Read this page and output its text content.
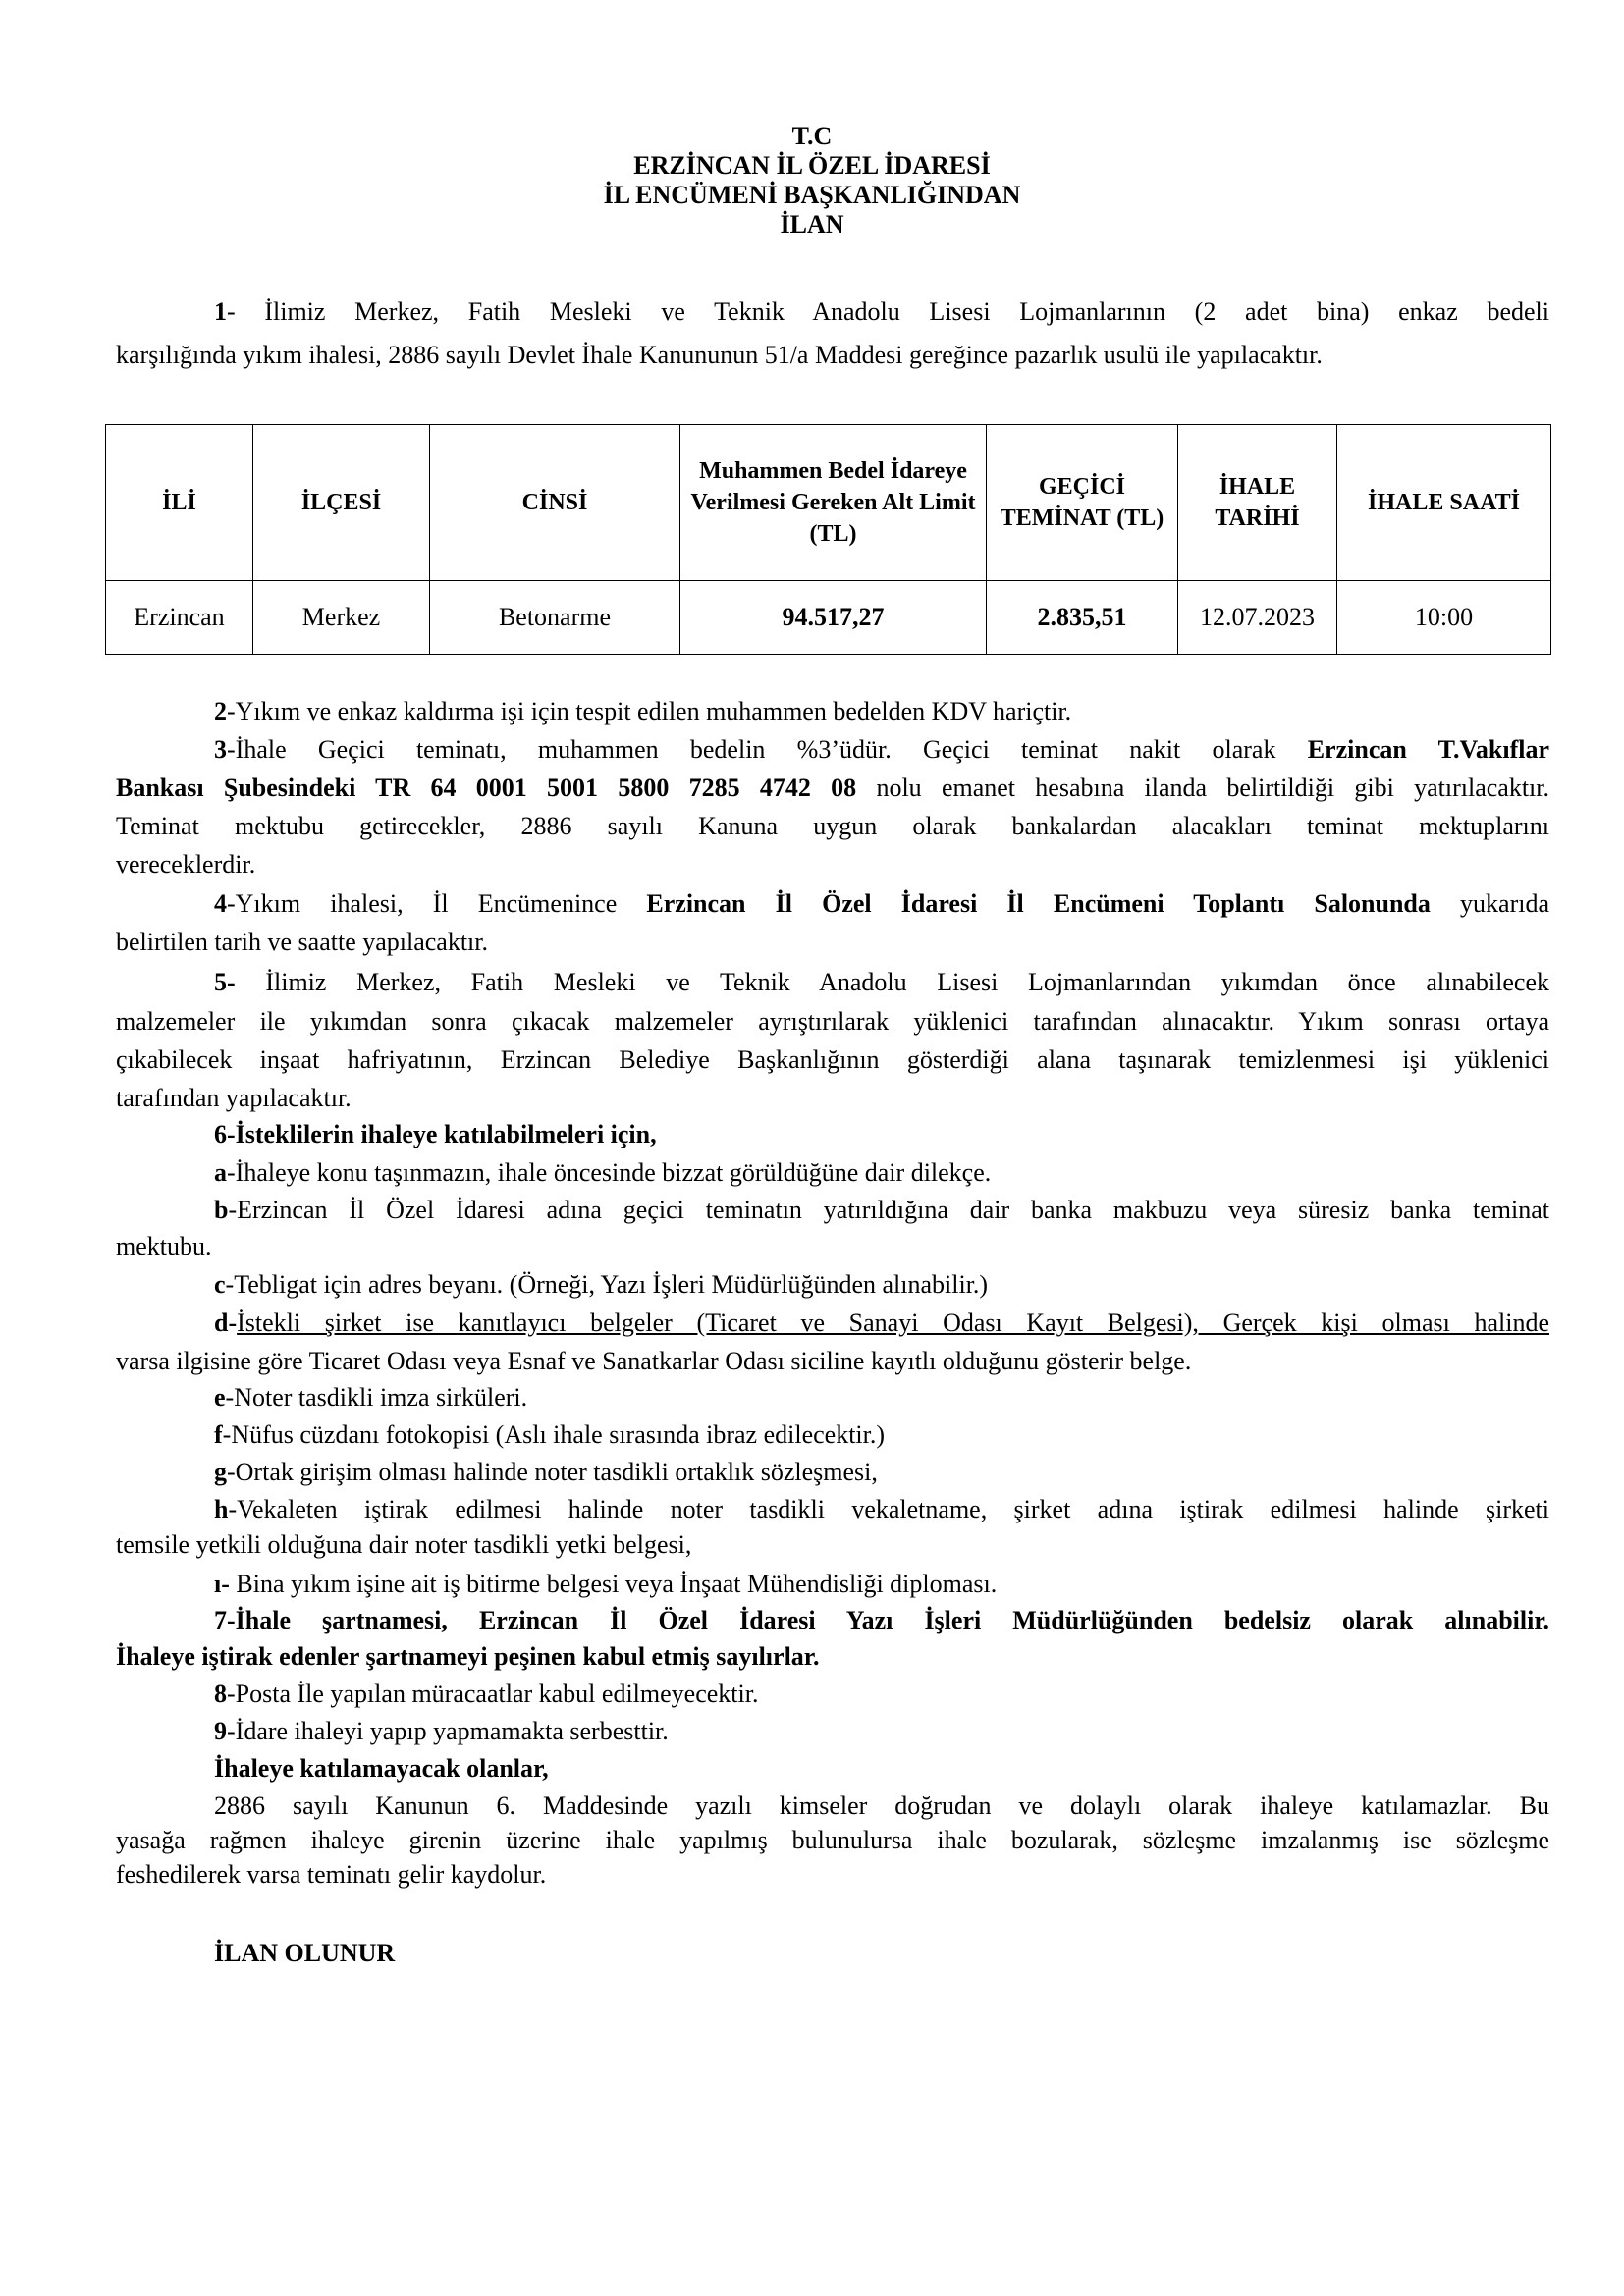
T.C
ERZİNCAN İL ÖZEL İDARESİ
İL ENCÜMENİ BAŞKANLIĞINDAN
İLAN
1- İlimiz Merkez, Fatih Mesleki ve Teknik Anadolu Lisesi Lojmanlarının (2 adet bina) enkaz bedeli
karşılığında yıkım ihalesi, 2886 sayılı Devlet İhale Kanununun 51/a Maddesi gereğince pazarlık usulü ile yapılacaktır.
İLİ	İLÇESİ	CİNSİ	Muhammen Bedel İdareye Verilmesi Gereken Alt Limit (TL)	GEÇİCİ TEMİNAT (TL)	İHALE TARİHİ	İHALE SAATİ
Erzincan	Merkez	Betonarme	94.517,27	2.835,51	12.07.2023	10:00
2-Yıkım ve enkaz kaldırma işi için tespit edilen muhammen bedelden KDV hariçtir.
3-İhale Geçici teminatı, muhammen bedelin %3’üdür. Geçici teminat nakit olarak Erzincan T.Vakıflar
Bankası Şubesindeki TR 64 0001 5001 5800 7285 4742 08 nolu emanet hesabına ilanda belirtildiği gibi yatırılacaktır.
Teminat mektubu getirecekler, 2886 sayılı Kanuna uygun olarak bankalardan alacakları teminat mektuplarını
vereceklerdir.
4-Yıkım ihalesi, İl Encümenince Erzincan İl Özel İdaresi İl Encümeni Toplantı Salonunda yukarıda
belirtilen tarih ve saatte yapılacaktır.
5- İlimiz Merkez, Fatih Mesleki ve Teknik Anadolu Lisesi Lojmanlarından yıkımdan önce alınabilecek
malzemeler ile yıkımdan sonra çıkacak malzemeler ayrıştırılarak yüklenici tarafından alınacaktır. Yıkım sonrası ortaya
çıkabilecek inşaat hafriyatının, Erzincan Belediye Başkanlığının gösterdiği alana taşınarak temizlenmesi işi yüklenici
tarafından yapılacaktır.
6-İsteklilerin ihaleye katılabilmeleri için,
a-İhaleye konu taşınmazın, ihale öncesinde bizzat görüldüğüne dair dilekçe.
b-Erzincan İl Özel İdaresi adına geçici teminatın yatırıldığına dair banka makbuzu veya süresiz banka teminat
mektubu.
c-Tebligat için adres beyanı. (Örneği, Yazı İşleri Müdürlüğünden alınabilir.)
d-İstekli şirket ise kanıtlayıcı belgeler (Ticaret ve Sanayi Odası Kayıt Belgesi), Gerçek kişi olması halinde
varsa ilgisine göre Ticaret Odası veya Esnaf ve Sanatkarlar Odası siciline kayıtlı olduğunu gösterir belge.
e-Noter tasdikli imza sirküleri.
f-Nüfus cüzdanı fotokopisi (Aslı ihale sırasında ibraz edilecektir.)
g-Ortak girişim olması halinde noter tasdikli ortaklık sözleşmesi,
h-Vekaleten iştirak edilmesi halinde noter tasdikli vekaletname, şirket adına iştirak edilmesi halinde şirketi
temsile yetkili olduğuna dair noter tasdikli yetki belgesi,
ı- Bina yıkım işine ait iş bitirme belgesi veya İnşaat Mühendisliği diploması.
7-İhale şartnamesi, Erzincan İl Özel İdaresi Yazı İşleri Müdürlüğünden bedelsiz olarak alınabilir.
İhaleye iştirak edenler şartnameyi peşinen kabul etmiş sayılırlar.
8-Posta İle yapılan müracaatlar kabul edilmeyecektir.
9-İdare ihaleyi yapıp yapmamakta serbesttir.
İhaleye katılamayacak olanlar,
2886 sayılı Kanunun 6. Maddesinde yazılı kimseler doğrudan ve dolaylı olarak ihaleye katılamazlar. Bu
yasağa rağmen ihaleye girenin üzerine ihale yapılmış bulunulursa ihale bozularak, sözleşme imzalanmış ise sözleşme
feshedilerek varsa teminatı gelir kaydolur.
İLAN OLUNUR
